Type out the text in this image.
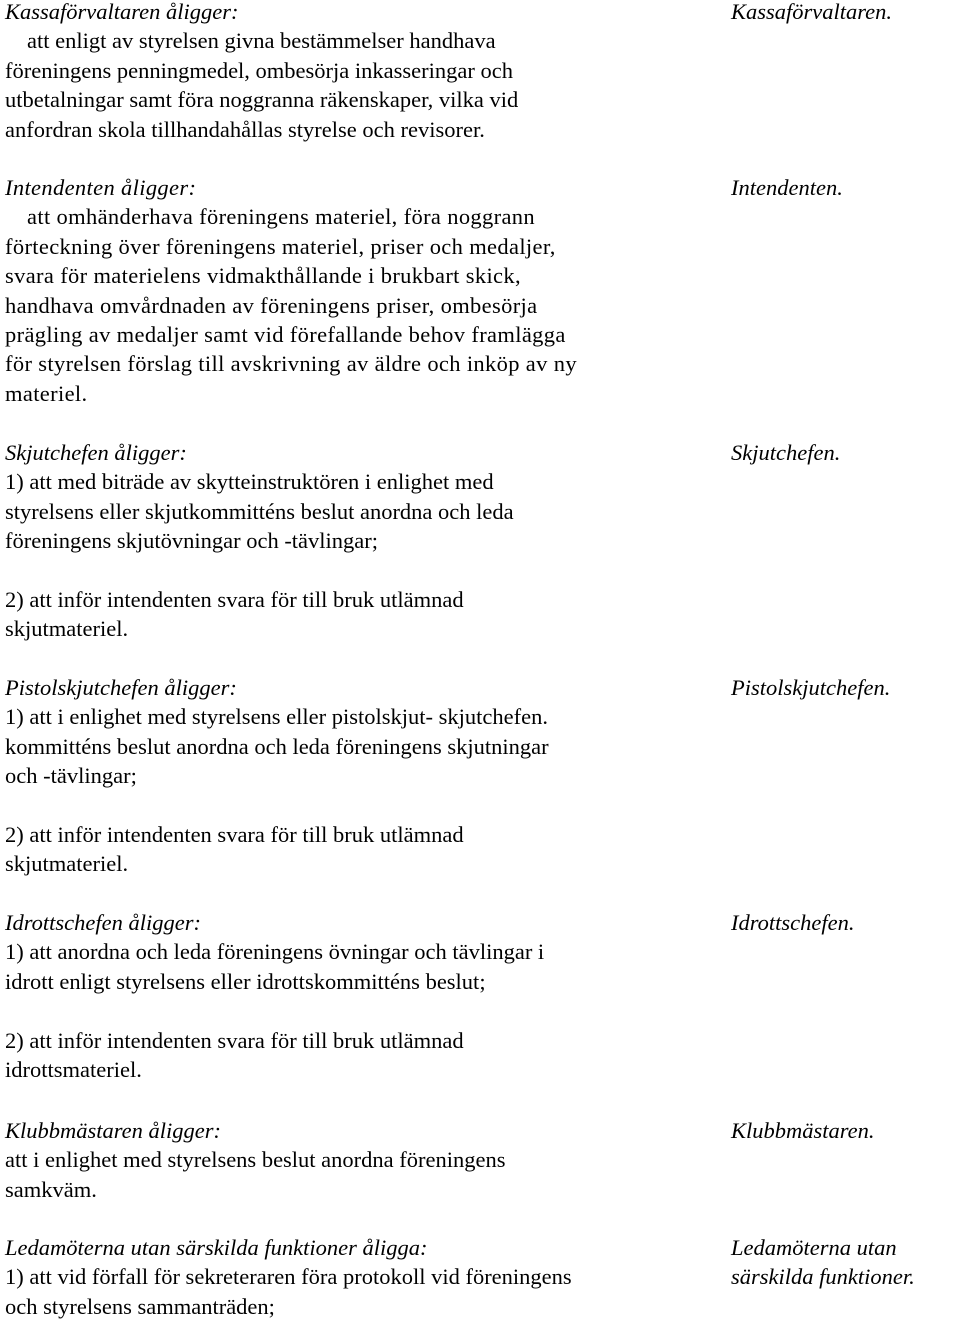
Kassaförvaltaren åligger:
att enligt av styrelsen givna bestämmelser handhava
föreningens penningmedel, ombesörja inkasseringar och
utbetalningar samt föra noggranna räkenskaper, vilka vid
anfordran skola tillhandahållas styrelse och revisorer.
Kassaförvaltaren.
Intendenten åligger:
att omhänderhava föreningens materiel, föra noggrann
förteckning över föreningens materiel, priser och medaljer,
svara för materielens vidmakthållande i brukbart skick,
handhava omvårdnaden av föreningens priser, ombesörja
prägling av medaljer samt vid förefallande behov framlägga
för styrelsen förslag till avskrivning av äldre och inköp av ny
materiel.
Intendenten.
Skjutchefen åligger:
1) att med biträde av skytteinstruktören i enlighet med
styrelsens eller skjutkommitténs beslut anordna och leda
föreningens skjutövningar och -tävlingar;
Skjutchefen.
2) att inför intendenten svara för till bruk utlämnad
skjutmateriel.
Pistolskjutchefen åligger:
1) att i enlighet med styrelsens eller pistolskjut- skjutchefen.
kommitténs beslut anordna och leda föreningens skjutningar
och -tävlingar;
Pistolskjutchefen.
2) att inför intendenten svara för till bruk utlämnad
skjutmateriel.
Idrottschefen åligger:
1) att anordna och leda föreningens övningar och tävlingar i
idrott enligt styrelsens eller idrottskommitténs beslut;
Idrottschefen.
2) att inför intendenten svara för till bruk utlämnad
idrottsmateriel.
Klubbmästaren åligger:
att i enlighet med styrelsens beslut anordna föreningens
samkväm.
Klubbmästaren.
Ledamöterna utan särskilda funktioner åligga:
1) att vid förfall för sekreteraren föra protokoll vid föreningens
och styrelsens sammanträden;
Ledamöterna utan
särskilda funktioner.
